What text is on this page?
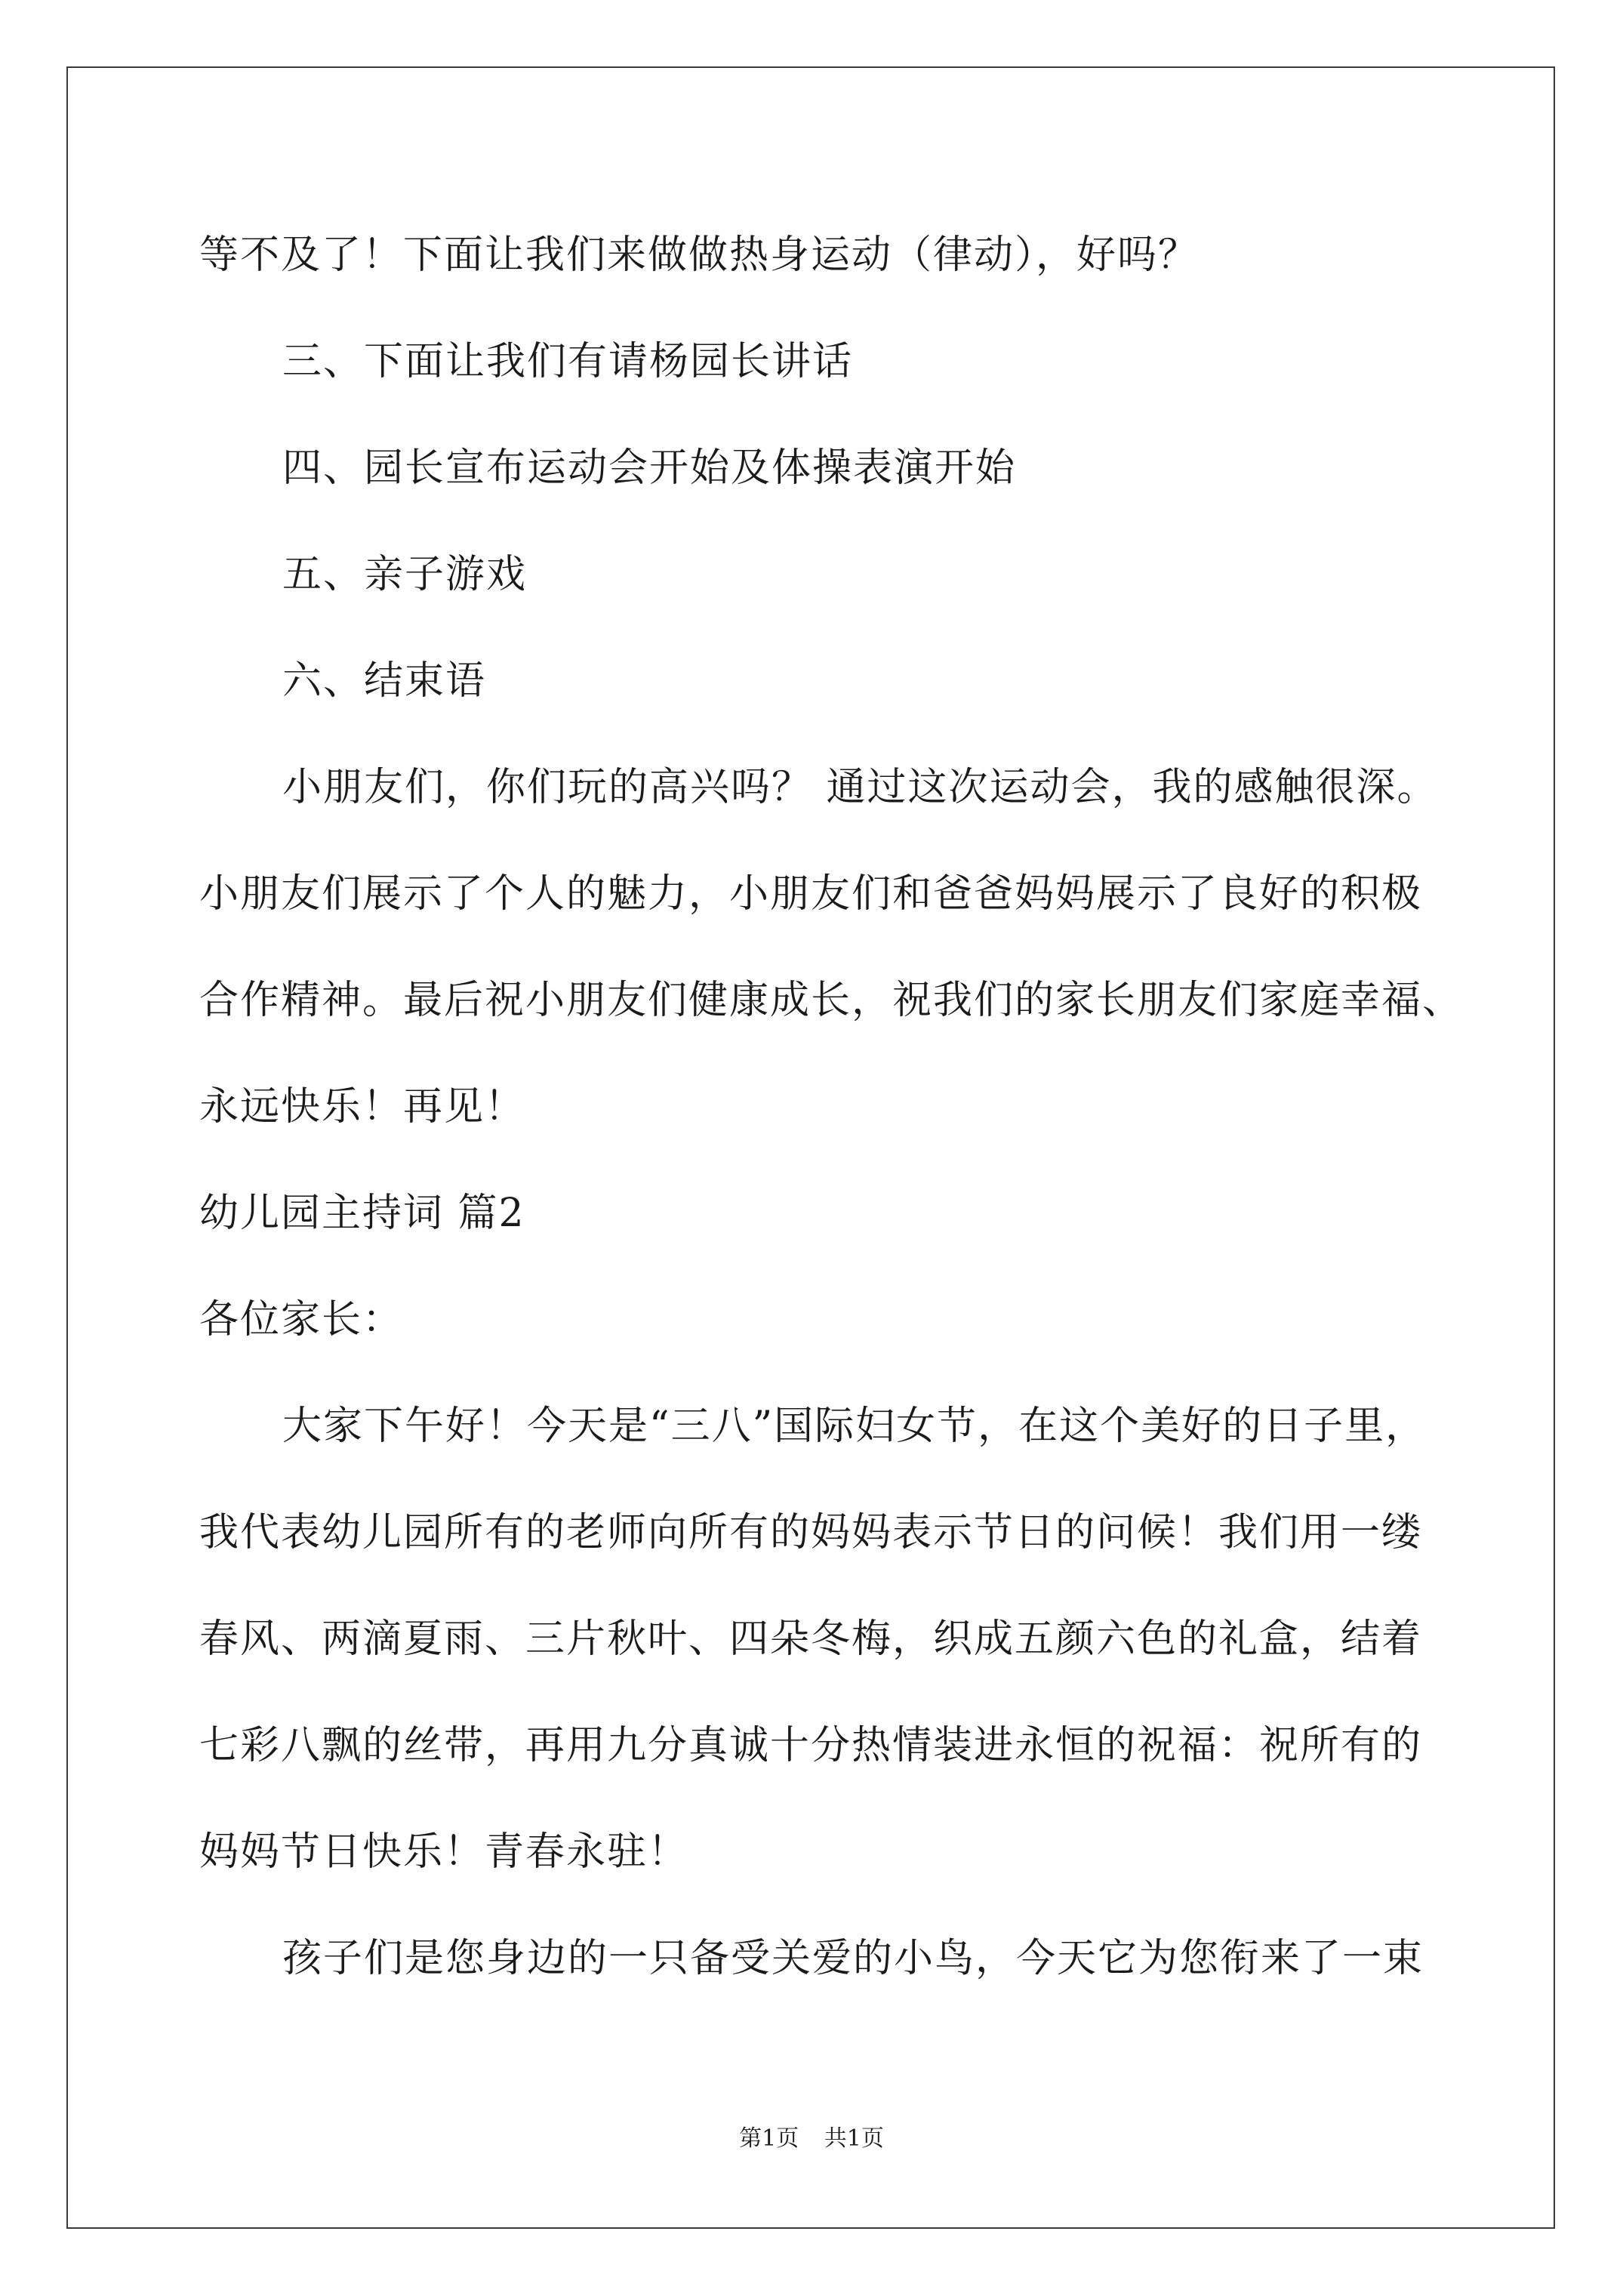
等不及了！下面让我们来做做热身运动（律动），好吗？
三、下面让我们有请杨园长讲话
四、园长宣布运动会开始及体操表演开始
五、亲子游戏
六、结束语
小朋友们，你们玩的高兴吗？ 通过这次运动会，我的感触很深。
小朋友们展示了个人的魅力，小朋友们和爸爸妈妈展示了良好的积极
合作精神。最后祝小朋友们健康成长，祝我们的家长朋友们家庭幸福、
永远快乐！再见！
幼儿园主持词 篇2
各位家长：
大家下午好！今天是“三八”国际妇女节，在这个美好的日子里，
我代表幼儿园所有的老师向所有的妈妈表示节日的问候！我们用一缕
春风、两滴夏雨、三片秋叶、四朵冬梅，织成五颜六色的礼盒，结着
七彩八飘的丝带，再用九分真诚十分热情装进永恒的祝福：祝所有的
妈妈节日快乐！青春永驻！
孩子们是您身边的一只备受关爱的小鸟，今天它为您衔来了一束
第1页 共1页
